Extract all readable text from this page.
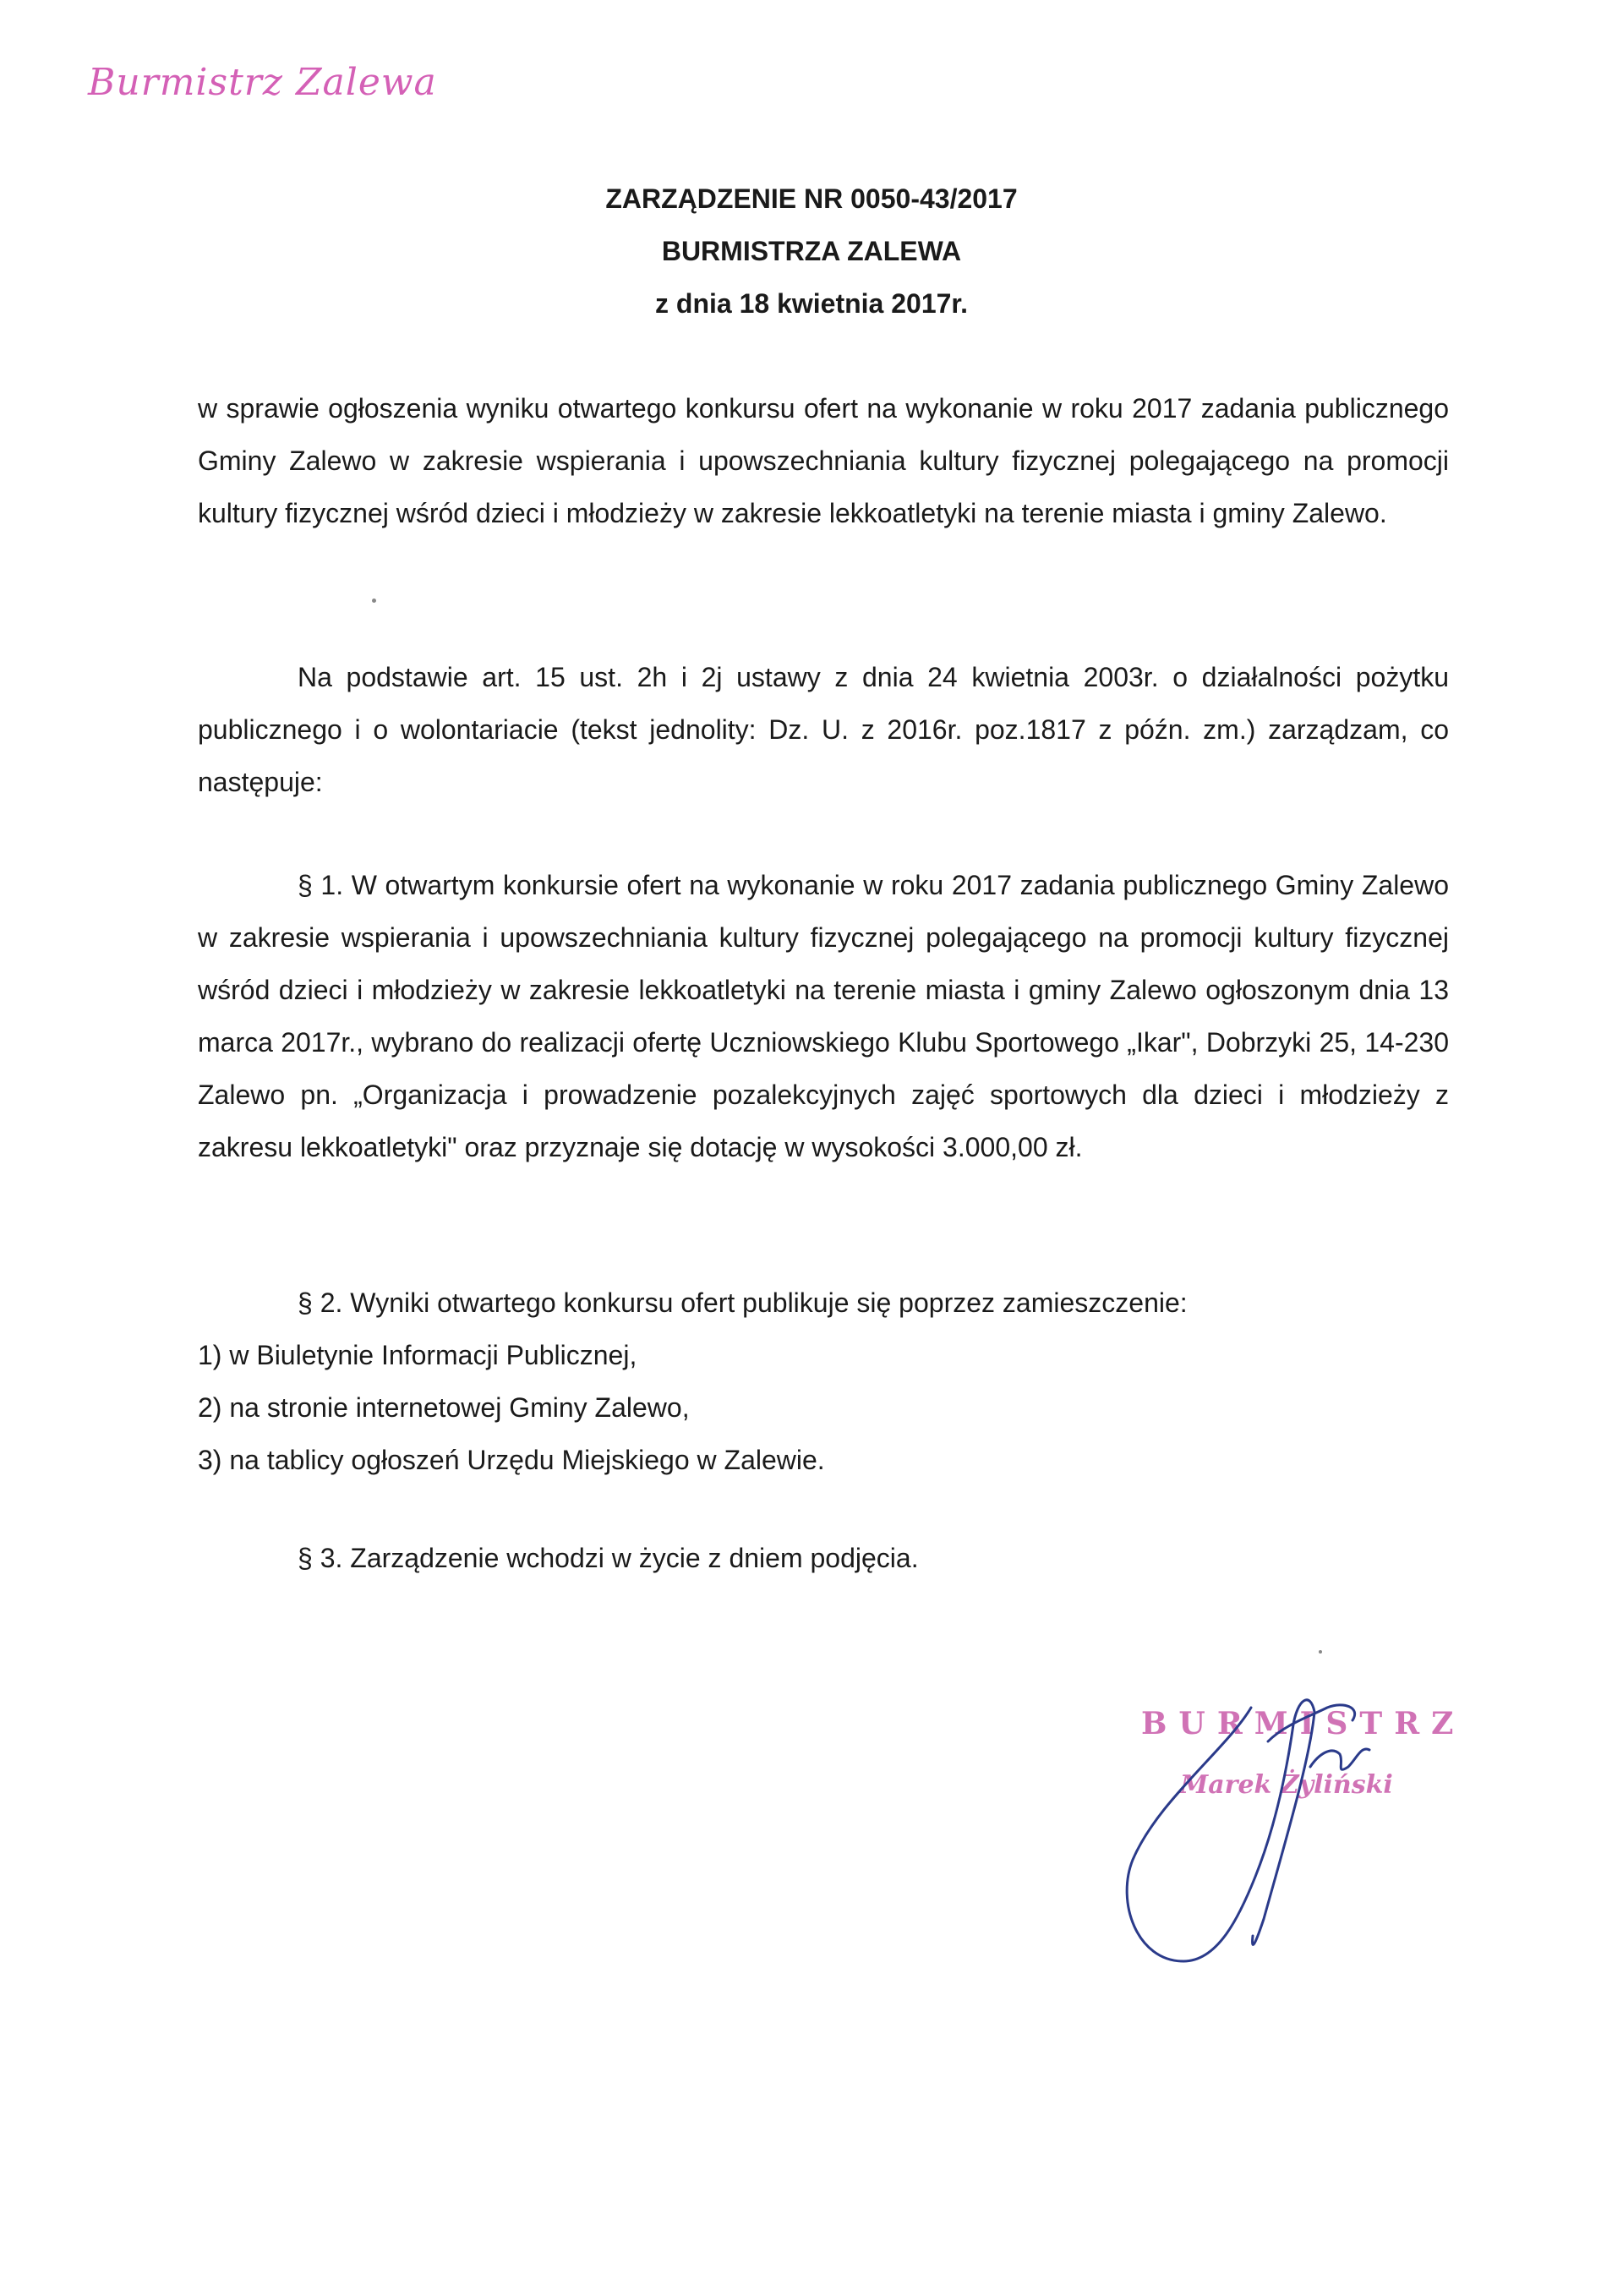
Burmistrz Zalewa
ZARZĄDZENIE NR 0050-43/2017
BURMISTRZA ZALEWA
z dnia 18 kwietnia 2017r.
w sprawie ogłoszenia wyniku otwartego konkursu ofert na wykonanie w roku 2017 zadania publicznego Gminy Zalewo w zakresie wspierania i upowszechniania kultury fizycznej polegającego na promocji kultury fizycznej wśród dzieci i młodzieży w zakresie lekkoatletyki na terenie miasta i gminy Zalewo.
Na podstawie art. 15 ust. 2h i 2j ustawy z dnia 24 kwietnia 2003r. o działalności pożytku publicznego i o wolontariacie (tekst jednolity: Dz. U. z 2016r. poz.1817 z późn. zm.) zarządzam, co następuje:
§ 1. W otwartym konkursie ofert na wykonanie w roku 2017 zadania publicznego Gminy Zalewo w zakresie wspierania i upowszechniania kultury fizycznej polegającego na promocji kultury fizycznej wśród dzieci i młodzieży w zakresie lekkoatletyki na terenie miasta i gminy Zalewo ogłoszonym dnia 13 marca 2017r., wybrano do realizacji ofertę Uczniowskiego Klubu Sportowego „Ikar", Dobrzyki 25, 14-230 Zalewo pn. „Organizacja i prowadzenie pozalekcyjnych zajęć sportowych dla dzieci i młodzieży z zakresu lekkoatletyki" oraz przyznaje się dotację w wysokości 3.000,00 zł.
§ 2. Wyniki otwartego konkursu ofert publikuje się poprzez zamieszczenie:
1) w Biuletynie Informacji Publicznej,
2) na stronie internetowej Gminy Zalewo,
3) na tablicy ogłoszeń Urzędu Miejskiego w Zalewie.
§ 3. Zarządzenie wchodzi w życie z dniem podjęcia.
BURMISTRZ
Marek Żyliński
